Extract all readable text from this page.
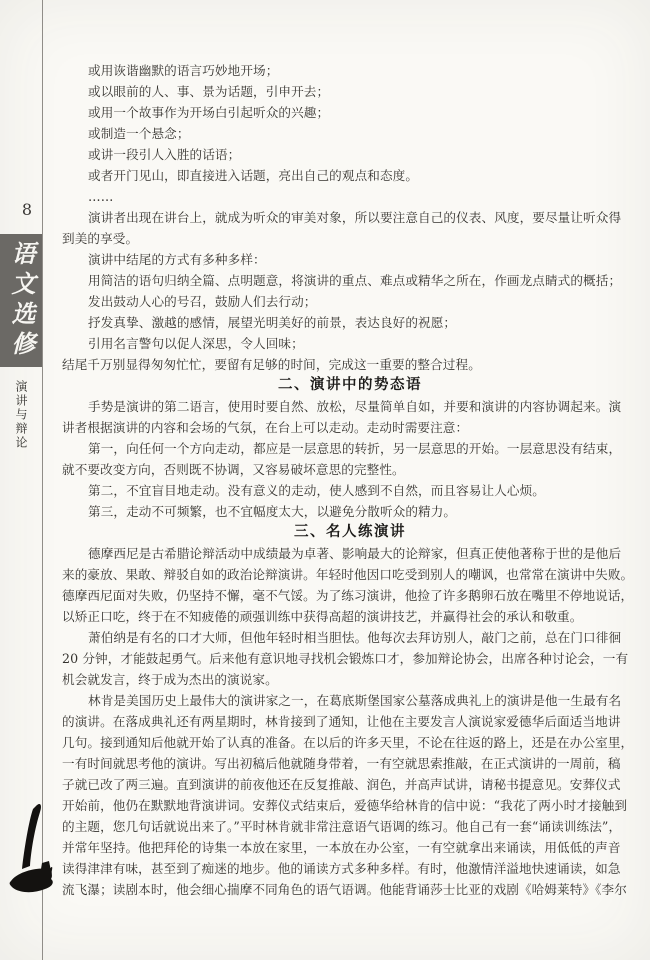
8
语文选修
演讲与辩论
或用诙谐幽默的语言巧妙地开场；
或以眼前的人、事、景为话题，引申开去；
或用一个故事作为开场白引起听众的兴趣；
或制造一个悬念；
或讲一段引人入胜的话语；
或者开门见山，即直接进入话题，亮出自己的观点和态度。
……
演讲者出现在讲台上，就成为听众的审美对象，所以要注意自己的仪表、风度，要尽量让听众得
到美的享受。
演讲中结尾的方式有多种多样：
用简洁的语句归纳全篇、点明题意，将演讲的重点、难点或精华之所在，作画龙点睛式的概括；
发出鼓动人心的号召，鼓励人们去行动；
抒发真挚、激越的感情，展望光明美好的前景，表达良好的祝愿；
引用名言警句以促人深思，令人回味；
结尾千万别显得匆匆忙忙，要留有足够的时间，完成这一重要的整合过程。
二、演讲中的势态语
手势是演讲的第二语言，使用时要自然、放松，尽量简单自如，并要和演讲的内容协调起来。演
讲者根据演讲的内容和会场的气氛，在台上可以走动。走动时需要注意：
第一，向任何一个方向走动，都应是一层意思的转折，另一层意思的开始。一层意思没有结束，
就不要改变方向，否则既不协调，又容易破坏意思的完整性。
第二，不宜盲目地走动。没有意义的走动，使人感到不自然，而且容易让人心烦。
第三，走动不可频繁，也不宜幅度太大，以避免分散听众的精力。
三、名人练演讲
德摩西尼是古希腊论辩活动中成绩最为卓著、影响最大的论辩家，但真正使他著称于世的是他后
来的豪放、果敢、辩驳自如的政治论辩演讲。年轻时他因口吃受到别人的嘲讽，也常常在演讲中失败。
德摩西尼面对失败，仍坚持不懈，毫不气馁。为了练习演讲，他捡了许多鹅卵石放在嘴里不停地说话，
以矫正口吃，终于在不知疲倦的顽强训练中获得高超的演讲技艺，并赢得社会的承认和敬重。
萧伯纳是有名的口才大师，但他年轻时相当胆怯。他每次去拜访别人，敲门之前，总在门口徘徊
20 分钟，才能鼓起勇气。后来他有意识地寻找机会锻炼口才，参加辩论协会，出席各种讨论会，一有
机会就发言，终于成为杰出的演说家。
林肯是美国历史上最伟大的演讲家之一，在葛底斯堡国家公墓落成典礼上的演讲是他一生最有名
的演讲。在落成典礼还有两星期时，林肯接到了通知，让他在主要发言人演说家爱德华后面适当地讲
几句。接到通知后他就开始了认真的准备。在以后的许多天里，不论在往返的路上，还是在办公室里，
一有时间就思考他的演讲。写出初稿后他就随身带着，一有空就思索推敲，在正式演讲的一周前，稿
子就已改了两三遍。直到演讲的前夜他还在反复推敲、润色，并高声试讲，请秘书提意见。安葬仪式
开始前，他仍在默默地背演讲词。安葬仪式结束后，爱德华给林肯的信中说：“我花了两小时才接触到
的主题，您几句话就说出来了。”平时林肯就非常注意语气语调的练习。他自己有一套“诵读训练法”，
并常年坚持。他把拜伦的诗集一本放在家里，一本放在办公室，一有空就拿出来诵读，用低低的声音
读得津津有味，甚至到了痴迷的地步。他的诵读方式多种多样。有时，他激情洋溢地快速诵读，如急
流飞瀑；读剧本时，他会细心揣摩不同角色的语气语调。他能背诵莎士比亚的戏剧《哈姆莱特》《李尔
